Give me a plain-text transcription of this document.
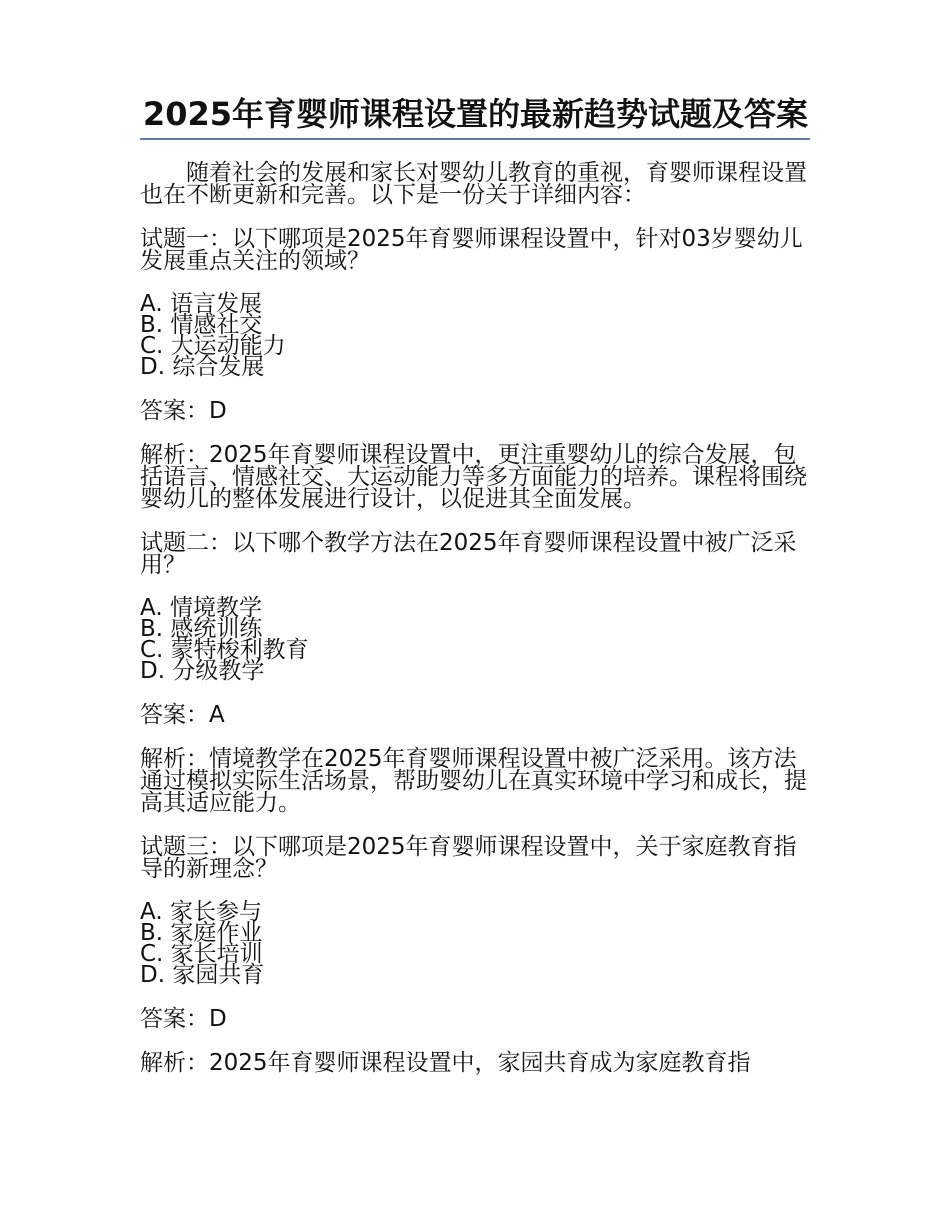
2025年育婴师课程设置的最新趋势试题及答案

随着社会的发展和家长对婴幼儿教育的重视，育婴师课程设置也在不断更新和完善。以下是一份关于详细内容：

试题一：以下哪项是2025年育婴师课程设置中，针对03岁婴幼儿发展重点关注的领域？

A. 语言发展
B. 情感社交
C. 大运动能力
D. 综合发展

答案：D

解析：2025年育婴师课程设置中，更注重婴幼儿的综合发展，包括语言、情感社交、大运动能力等多方面能力的培养。课程将围绕婴幼儿的整体发展进行设计，以促进其全面发展。

试题二：以下哪个教学方法在2025年育婴师课程设置中被广泛采用？

A. 情境教学
B. 感统训练
C. 蒙特梭利教育
D. 分级教学

答案：A

解析：情境教学在2025年育婴师课程设置中被广泛采用。该方法通过模拟实际生活场景，帮助婴幼儿在真实环境中学习和成长，提高其适应能力。

试题三：以下哪项是2025年育婴师课程设置中，关于家庭教育指导的新理念？

A. 家长参与
B. 家庭作业
C. 家长培训
D. 家园共育

答案：D

解析：2025年育婴师课程设置中，家园共育成为家庭教育指
